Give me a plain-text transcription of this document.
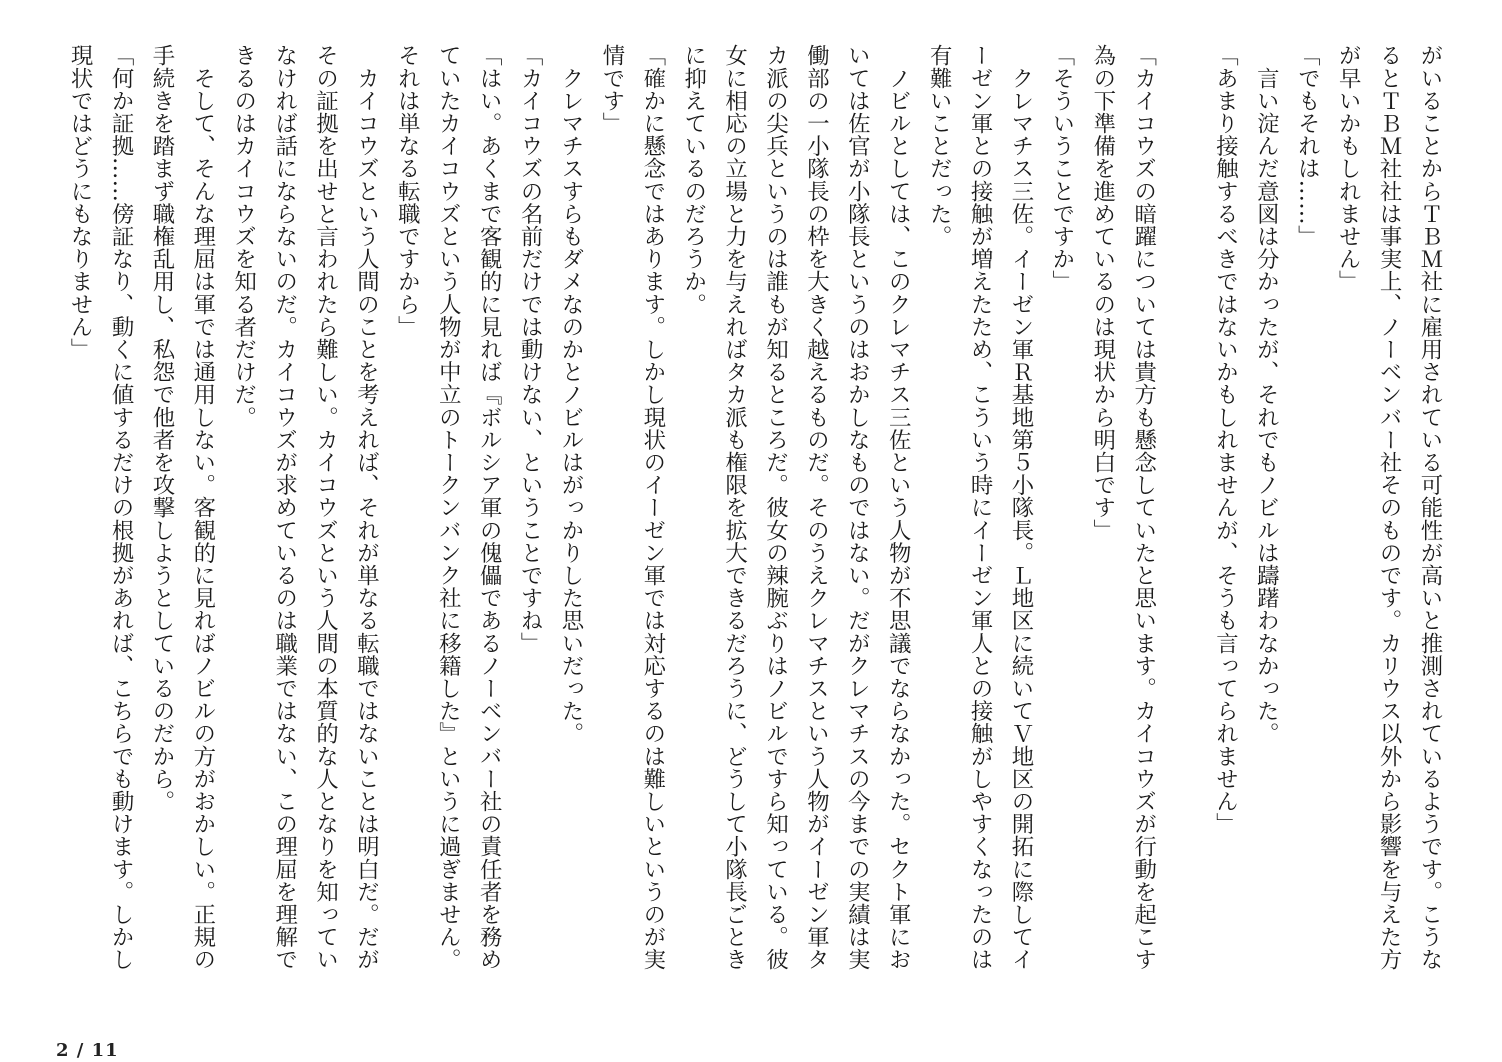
がいることからＴＢＭ社に雇用されている可能性が高いと推測されているようです。こうな
るとＴＢＭ社社は事実上、ノーベンバー社そのものです。カリウス以外から影響を与えた方
が早いかもしれません」
「でもそれは……」
　言い淀んだ意図は分かったが、それでもノビルは躊躇わなかった。
「あまり接触するべきではないかもしれませんが、そうも言ってられません」
「カイコウズの暗躍については貴方も懸念していたと思います。カイコウズが行動を起こす
為の下準備を進めているのは現状から明白です」
「そういうことですか」
　クレマチス三佐。イーゼン軍Ｒ基地第５小隊長。Ｌ地区に続いてＶ地区の開拓に際してイ
ーゼン軍との接触が増えたため、こういう時にイーゼン軍人との接触がしやすくなったのは
有難いことだった。
　ノビルとしては、このクレマチス三佐という人物が不思議でならなかった。セクト軍にお
いては佐官が小隊長というのはおかしなものではない。だがクレマチスの今までの実績は実
働部の一小隊長の枠を大きく越えるものだ。そのうえクレマチスという人物がイーゼン軍タ
カ派の尖兵というのは誰もが知るところだ。彼女の辣腕ぶりはノビルですら知っている。彼
女に相応の立場と力を与えればタカ派も権限を拡大できるだろうに、どうして小隊長ごとき
に抑えているのだろうか。
「確かに懸念ではあります。しかし現状のイーゼン軍では対応するのは難しいというのが実
情です」
　クレマチスすらもダメなのかとノビルはがっかりした思いだった。
「カイコウズの名前だけでは動けない、ということですね」
「はい。あくまで客観的に見れば『ボルシア軍の傀儡であるノーベンバー社の責任者を務め
ていたカイコウズという人物が中立のトークンバンク社に移籍した』というに過ぎません。
それは単なる転職ですから」
　カイコウズという人間のことを考えれば、それが単なる転職ではないことは明白だ。だが
その証拠を出せと言われたら難しい。カイコウズという人間の本質的な人となりを知ってい
なければ話にならないのだ。カイコウズが求めているのは職業ではない、この理屈を理解で
きるのはカイコウズを知る者だけだ。
　そして、そんな理屈は軍では通用しない。客観的に見ればノビルの方がおかしい。正規の
手続きを踏まず職権乱用し、私怨で他者を攻撃しようとしているのだから。
「何か証拠……傍証なり、動くに値するだけの根拠があれば、こちらでも動けます。しかし
現状ではどうにもなりません」
2 / 11
